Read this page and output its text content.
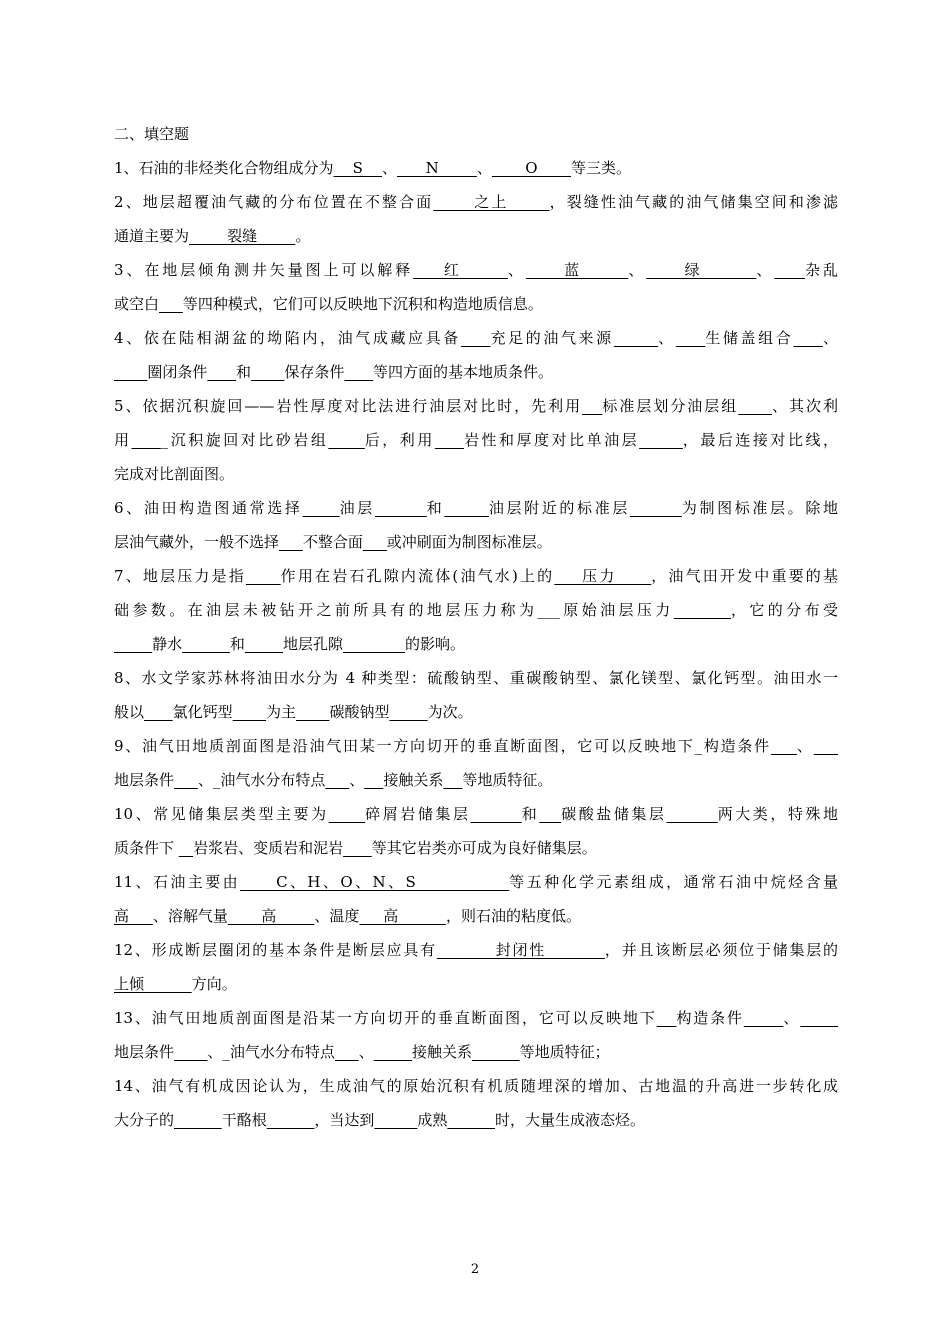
二、填空题
1、石油的非烃类化合物组成分为    S    、      N        、       O       等三类。
2、地层超覆油气藏的分布位置在不整合面      之上      ，裂缝性油气藏的油气储集空间和渗滤
通道主要为        裂缝        。
3、在地层倾角测井矢量图上可以解释    红      、     蓝      、     绿       、 杂乱
或空白 等四种模式，它们可以反映地下沉积和构造地质信息。
4、依在陆相湖盆的坳陷内，油气成藏应具备 充足的油气来源	、 生储盖组合 、
圈闭条件 和 保存条件 等四方面的基本地质条件。
5、依据沉积旋回——岩性厚度对比法进行油层对比时，先利用 标准层划分油层组 、其次利
用 _沉积旋回对比砂岩组 后，利用 岩性和厚度对比单油层	，最后连接对比线，
完成对比剖面图。
6、油田构造图通常选择 油层	和	油层附近的标准层	为制图标准层。除地
层油气藏外，一般不选择 不整合面 或冲刷面为制图标准层。
7、地层压力是指 作用在岩石孔隙内流体(油气水)上的    压力     ，油气田开发中重要的基
础参数。在油层未被钻开之前所具有的地层压力称为___原始油层压力	，它的分布受
静水	和	地层孔隙	的影响。
8、水文学家苏林将油田水分为 4 种类型：硫酸钠型、重碳酸钠型、氯化镁型、氯化钙型。油田水一
般以 氯化钙型 为主 碳酸钠型	为次。
9、油气田地质剖面图是沿油气田某一方向切开的垂直断面图，它可以反映地下_构造条件 、
地层条件 、_油气水分布特点 、 接触关系 等地质特征。
10、常见储集层类型主要为 碎屑岩储集层	和 碳酸盐储集层	两大类，特殊地
质条件下    岩浆岩、变质岩和泥岩 等其它岩类亦可成为良好储集层。
11、石油主要由     C、H、O、N、S             等五种化学元素组成，通常石油中烷烃含量
高     、溶解气量       高        、温度     高          ，则石油的粘度低。
12、形成断层圈闭的基本条件是断层应具有         封闭性         ，并且该断层必须位于储集层的
上倾          方向。
13、油气田地质剖面图是沿某一方向切开的垂直断面图，它可以反映地下 构造条件	、
地层条件 、_油气水分布特点 、	接触关系	等地质特征；
14、油气有机成因论认为，生成油气的原始沉积有机质随埋深的增加、古地温的升高进一步转化成
大分子的	干酪根	，当达到	成熟	时，大量生成液态烃。
2
